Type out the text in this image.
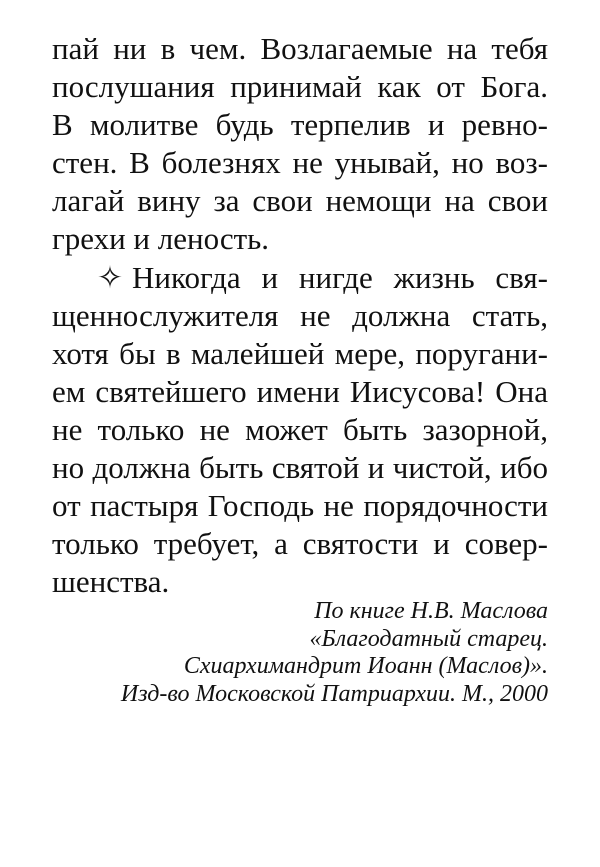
пай ни в чем. Возлагаемые на тебя
послушания принимай как от Бога.
В молитве будь терпелив и ревно-
стен. В болезнях не унывай, но воз-
лагай вину за свои немощи на свои
грехи и леность.
✧ Никогда и нигде жизнь свя-
щеннослужителя не должна стать,
хотя бы в малейшей мере, поругани-
ем святейшего имени Иисусова! Она
не только не может быть зазорной,
но должна быть святой и чистой, ибо
от пастыря Господь не порядочности
только требует, а святости и совер-
шенства.
По книге Н.В. Маслова
«Благодатный старец.
Схиархимандрит Иоанн (Маслов)».
Изд-во Московской Патриархии. М., 2000
